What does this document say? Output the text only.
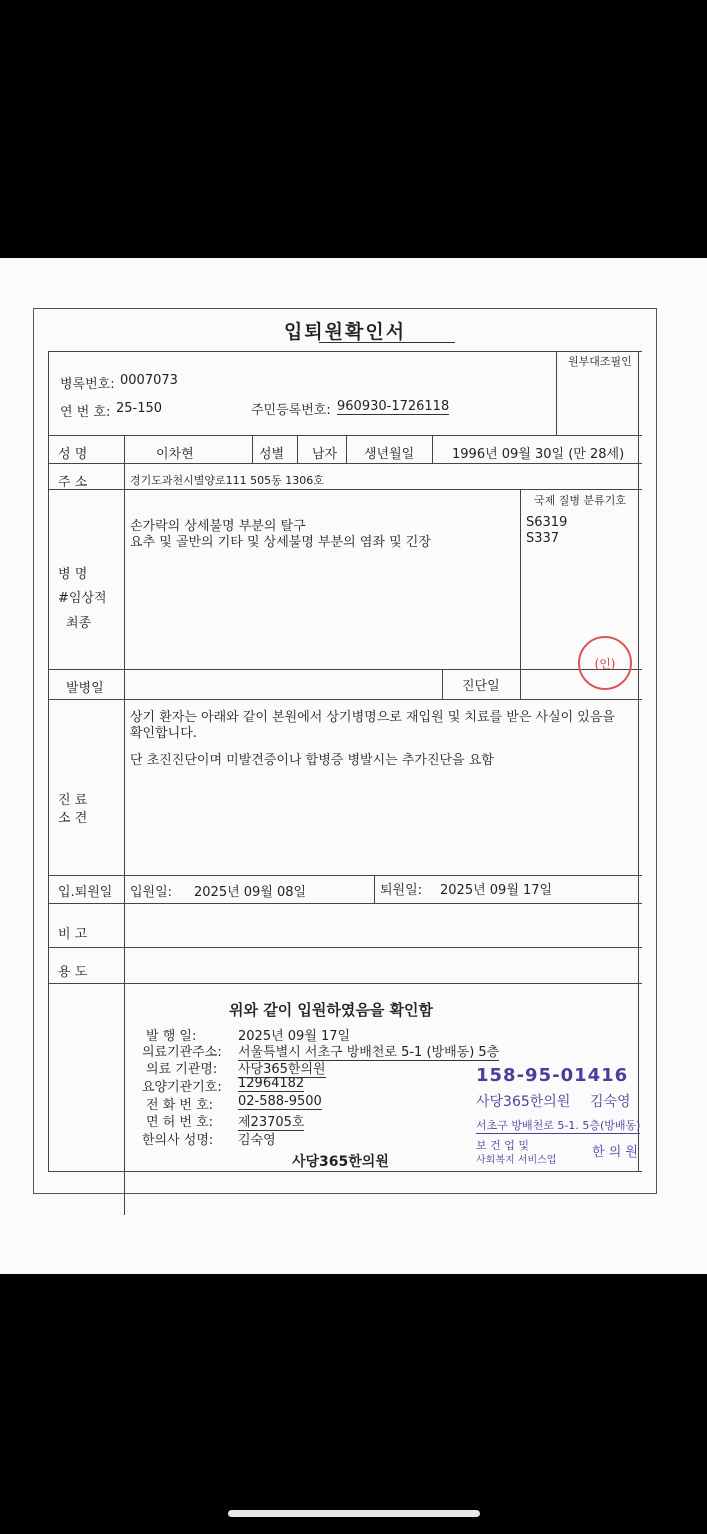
입퇴원확인서
원부대조필인
병록번호: 0007073
연 번 호: 25-150	주민등록번호: 960930-1726118
성 명	이차현	성별 남자 생년월일	1996년 09월 30일 (만 28세)
주 소	경기도과천시별양로111 505동 1306호
손가락의 상세불명 부분의 탈구
요추 및 골반의 기타 및 상세불명 부분의 염좌 및 긴장
국제 질병 분류기호
S6319
S337
병 명
#임상적
최종
발병일	진단일
상기 환자는 아래와 같이 본원에서 상기병명으로 재입원 및 치료를 받은 사실이 있음을
확인합니다.
단 초진진단이며 미발견증이나 합병증 병발시는 추가진단을 요함
진 료
소 견
입.퇴원일 입원일: 2025년 09월 08일	퇴원일: 2025년 09월 17일
비 고
용 도
위와 같이 입원하였음을 확인함
발 행 일:	2025년 09월 17일
의료기관주소: 서울특별시 서초구 방배천로 5-1 (방배동) 5층
의료 기관명: 사당365한의원
요양기관기호: 12964182
전 화 번 호: 02-588-9500
면 허 번 호: 제23705호
한의사 성명: 김숙영
사당365한의원
158-95-01416
사당365한의원 김숙영
서초구 방배천로 5-1. 5층(방배동)
보 건 업 및
사회복지 서비스업
한 의 원
(인)
